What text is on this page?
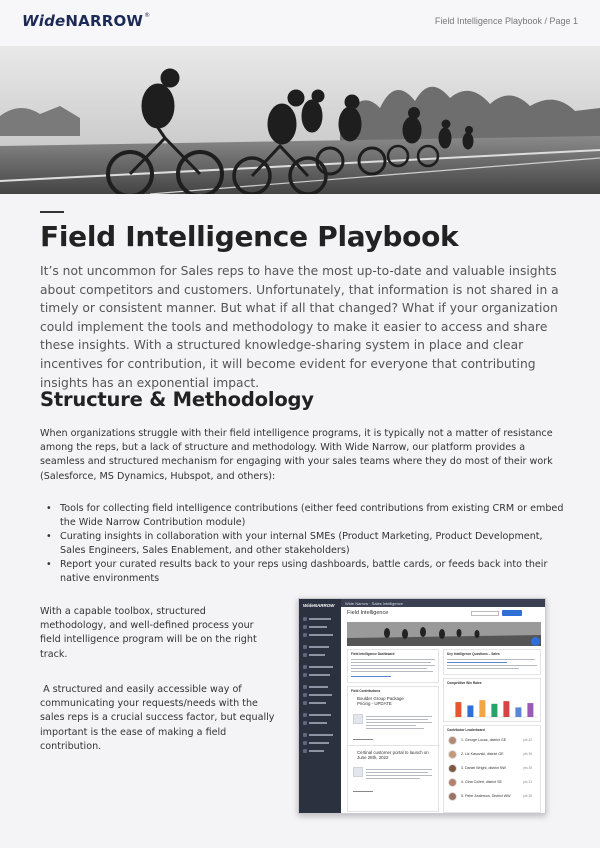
WideNARROW®
Field Intelligence Playbook / Page 1
Field Intelligence Playbook

It’s not uncommon for Sales reps to have the most up-to-date and valuable insights about competitors and customers. Unfortunately, that information is not shared in a timely or consistent manner. But what if all that changed? What if your organization could implement the tools and methodology to make it easier to access and share these insights. With a structured knowledge-sharing system in place and clear incentives for contribution, it will become evident for everyone that contributing insights has an exponential impact.

Structure & Methodology

When organizations struggle with their field intelligence programs, it is typically not a matter of resistance among the reps, but a lack of structure and methodology. With Wide Narrow, our platform provides a seamless and structured mechanism for engaging with your sales teams where they do most of their work (Salesforce, MS Dynamics, Hubspot, and others):

• Tools for collecting field intelligence contributions (either feed contributions from existing CRM or embed the Wide Narrow Contribution module)
• Curating insights in collaboration with your internal SMEs (Product Marketing, Product Development, Sales Engineers, Sales Enablement, and other stakeholders)
• Report your curated results back to your reps using dashboards, battle cards, or feeds back into their native environments

With a capable toolbox, structured methodology, and well-defined process your field intelligence program will be on the right track.

A structured and easily accessible way of communicating your requests/needs with the sales reps is a crucial success factor, but equally important is the ease of making a field contribution.

WideNARROW	Wide Narrow · Sales Intelligence
Field Intelligence
Field Intelligence Dashboard	Key Intelligence Questions – Sales
Competitive Win Rates
Field Contributions
Boulder Group Package Pricing - UPDATE
Certinal customer portal to launch on June 28th, 2022
Contributor Leaderboard
1. George Lucas, district GE	pts 42
2. Liz Kasovski, district GE	pts 39
3. Daniel Wright, district NW	pts 35
4. Gina Collett, district SE	pts 31
5. Peter Anderson, District WW	pts 28
